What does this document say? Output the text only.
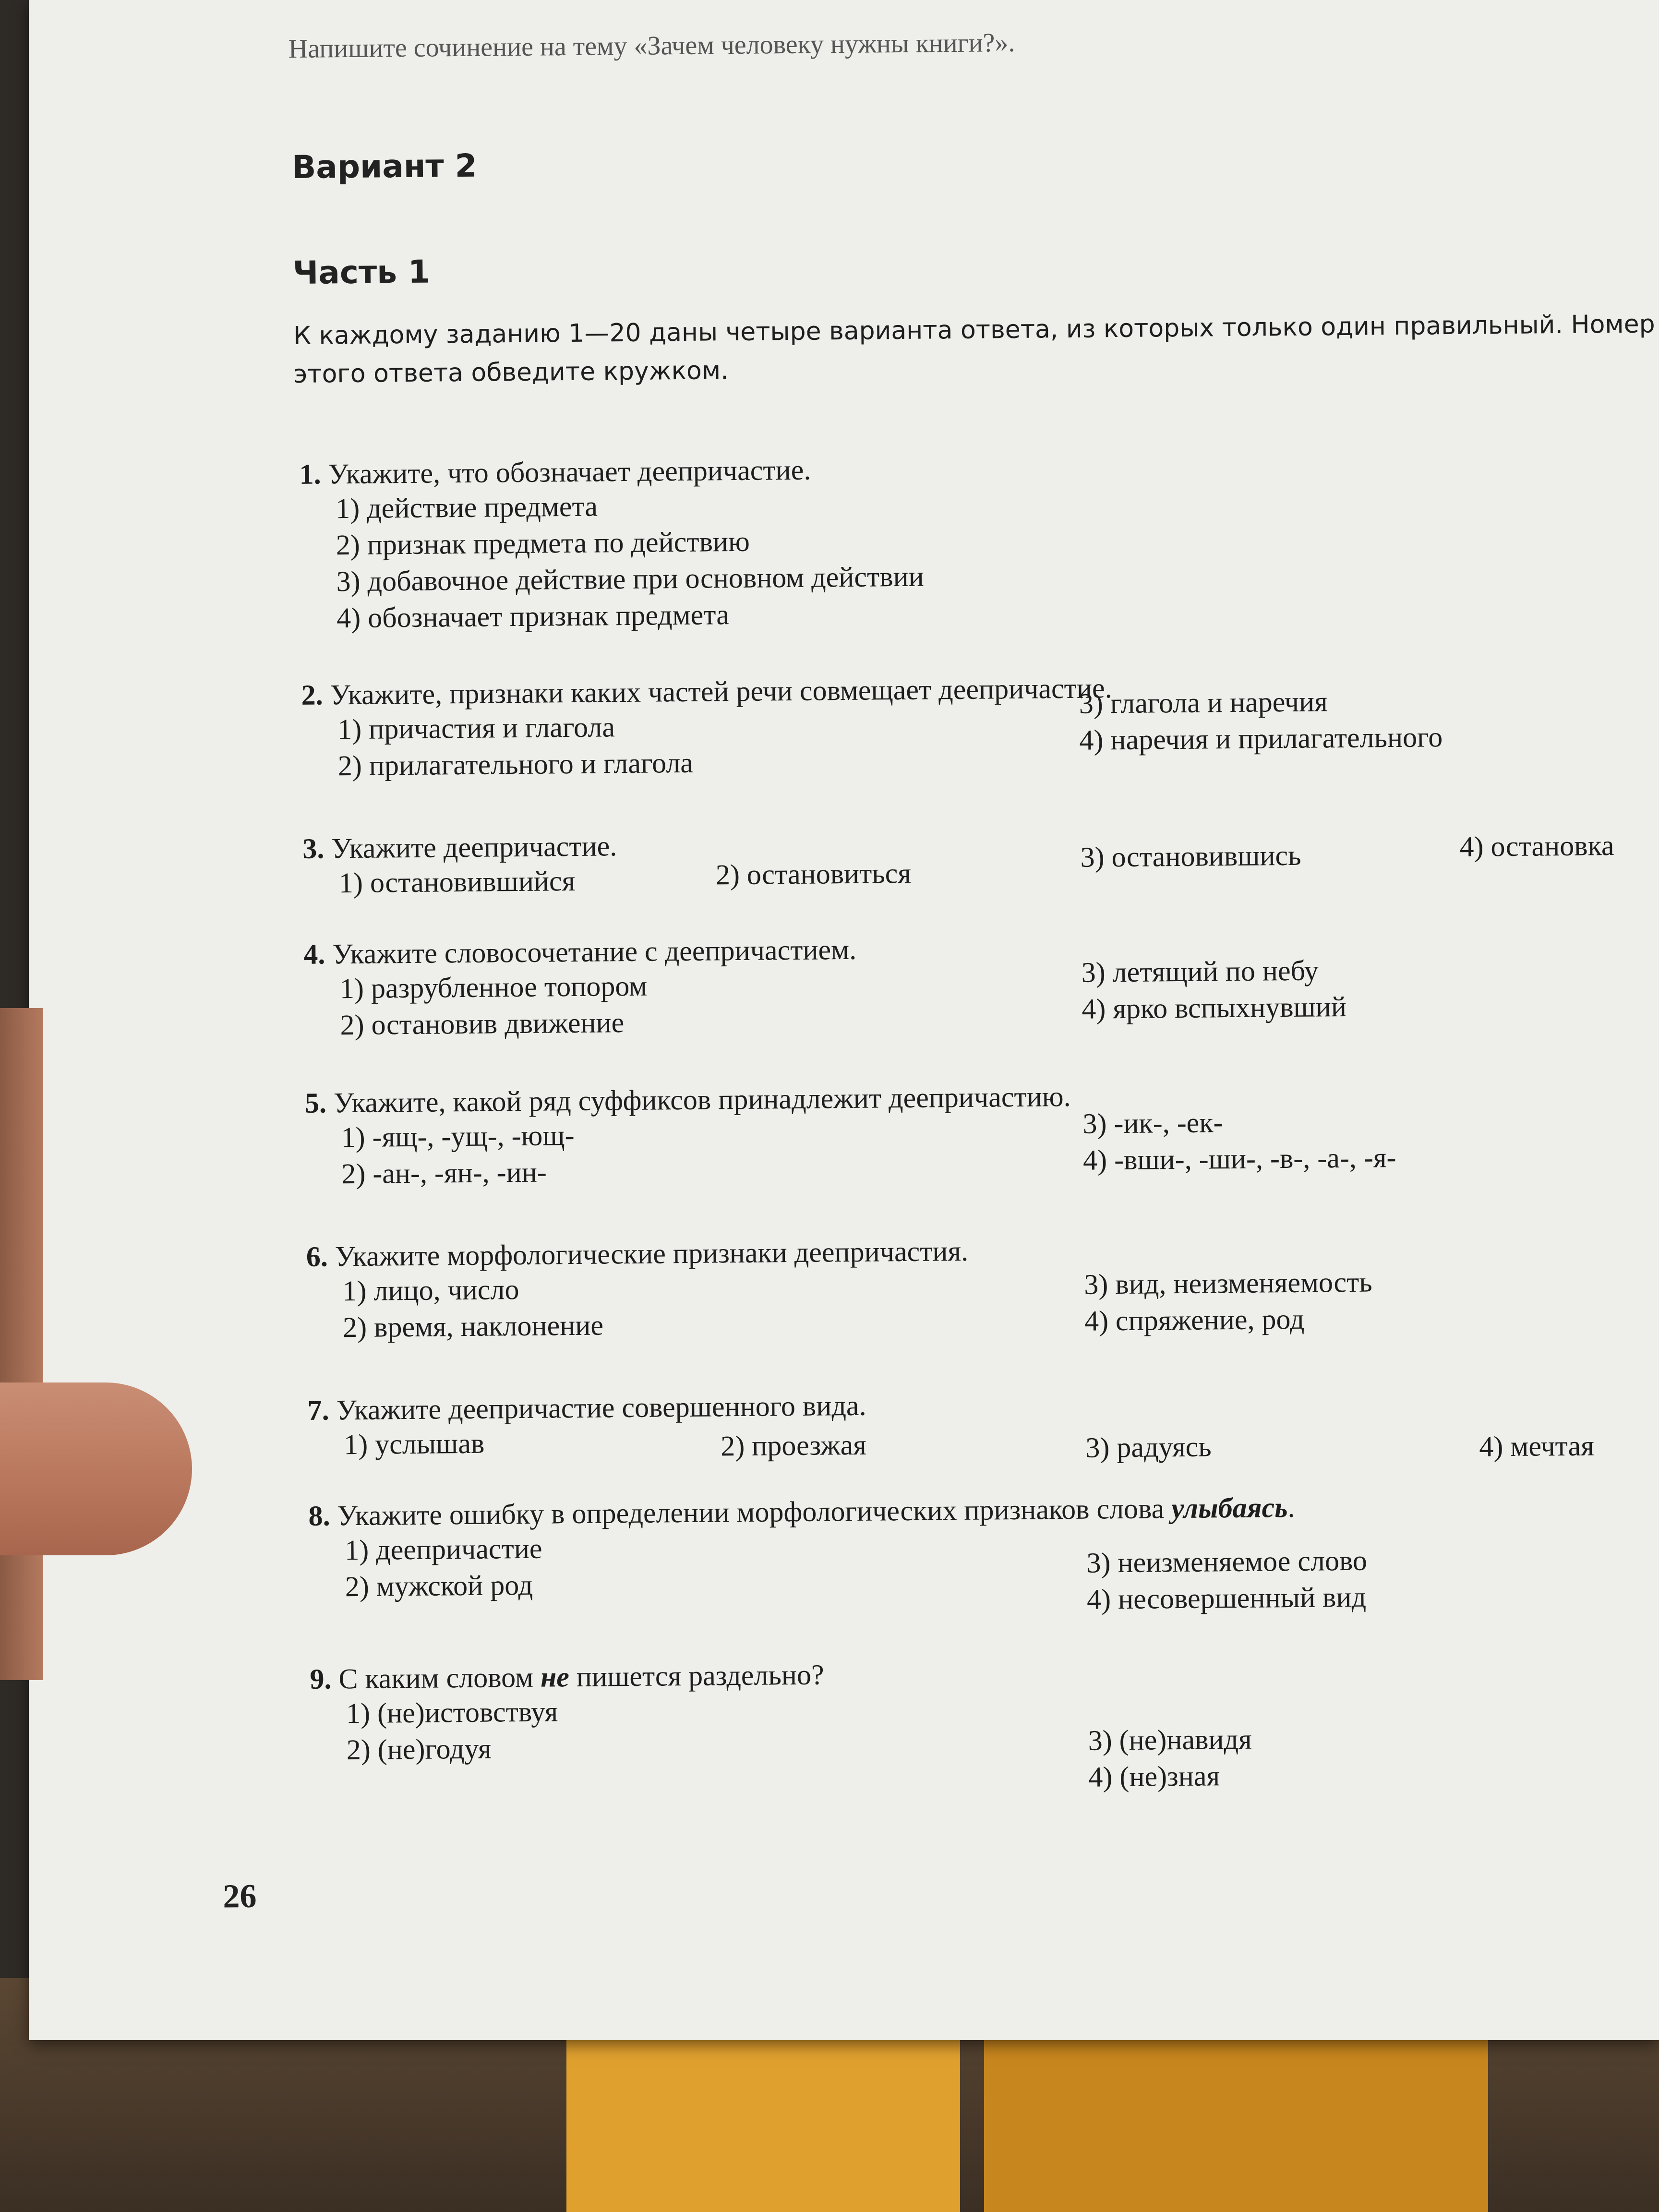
Напишите сочинение на тему «Зачем человеку нужны книги?».
Вариант 2
Часть 1
К каждому заданию 1—20 даны четыре варианта ответа, из которых только один правильный. Номер этого ответа обведите кружком.
1. Укажите, что обозначает деепричастие.
1) действие предмета
2) признак предмета по действию
3) добавочное действие при основном действии
4) обозначает признак предмета
2. Укажите, признаки каких частей речи совмещает деепричастие.
1) причастия и глагола
2) прилагательного и глагола
3) глагола и наречия
4) наречия и прилагательного
3. Укажите деепричастие.
1) остановившийся	2) остановиться
3) остановившись	4) остановка
4. Укажите словосочетание с деепричастием.
1) разрубленное топором
2) остановив движение
3) летящий по небу
4) ярко вспыхнувший
5. Укажите, какой ряд суффиксов принадлежит деепричастию.
1) -ящ-, -ущ-, -ющ-
2) -ан-, -ян-, -ин-
3) -ик-, -ек-
4) -вши-, -ши-, -в-, -а-, -я-
6. Укажите морфологические признаки деепричастия.
1) лицо, число
2) время, наклонение
3) вид, неизменяемость
4) спряжение, род
7. Укажите деепричастие совершенного вида.
1) услышав	2) проезжая	3) радуясь	4) мечтая
8. Укажите ошибку в определении морфологических признаков слова улыбаясь.
1) деепричастие
2) мужской род
3) неизменяемое слово
4) несовершенный вид
9. С каким словом не пишется раздельно?
1) (не)истовствуя
2) (не)годуя	3) (не)навидя
4) (не)зная
26
